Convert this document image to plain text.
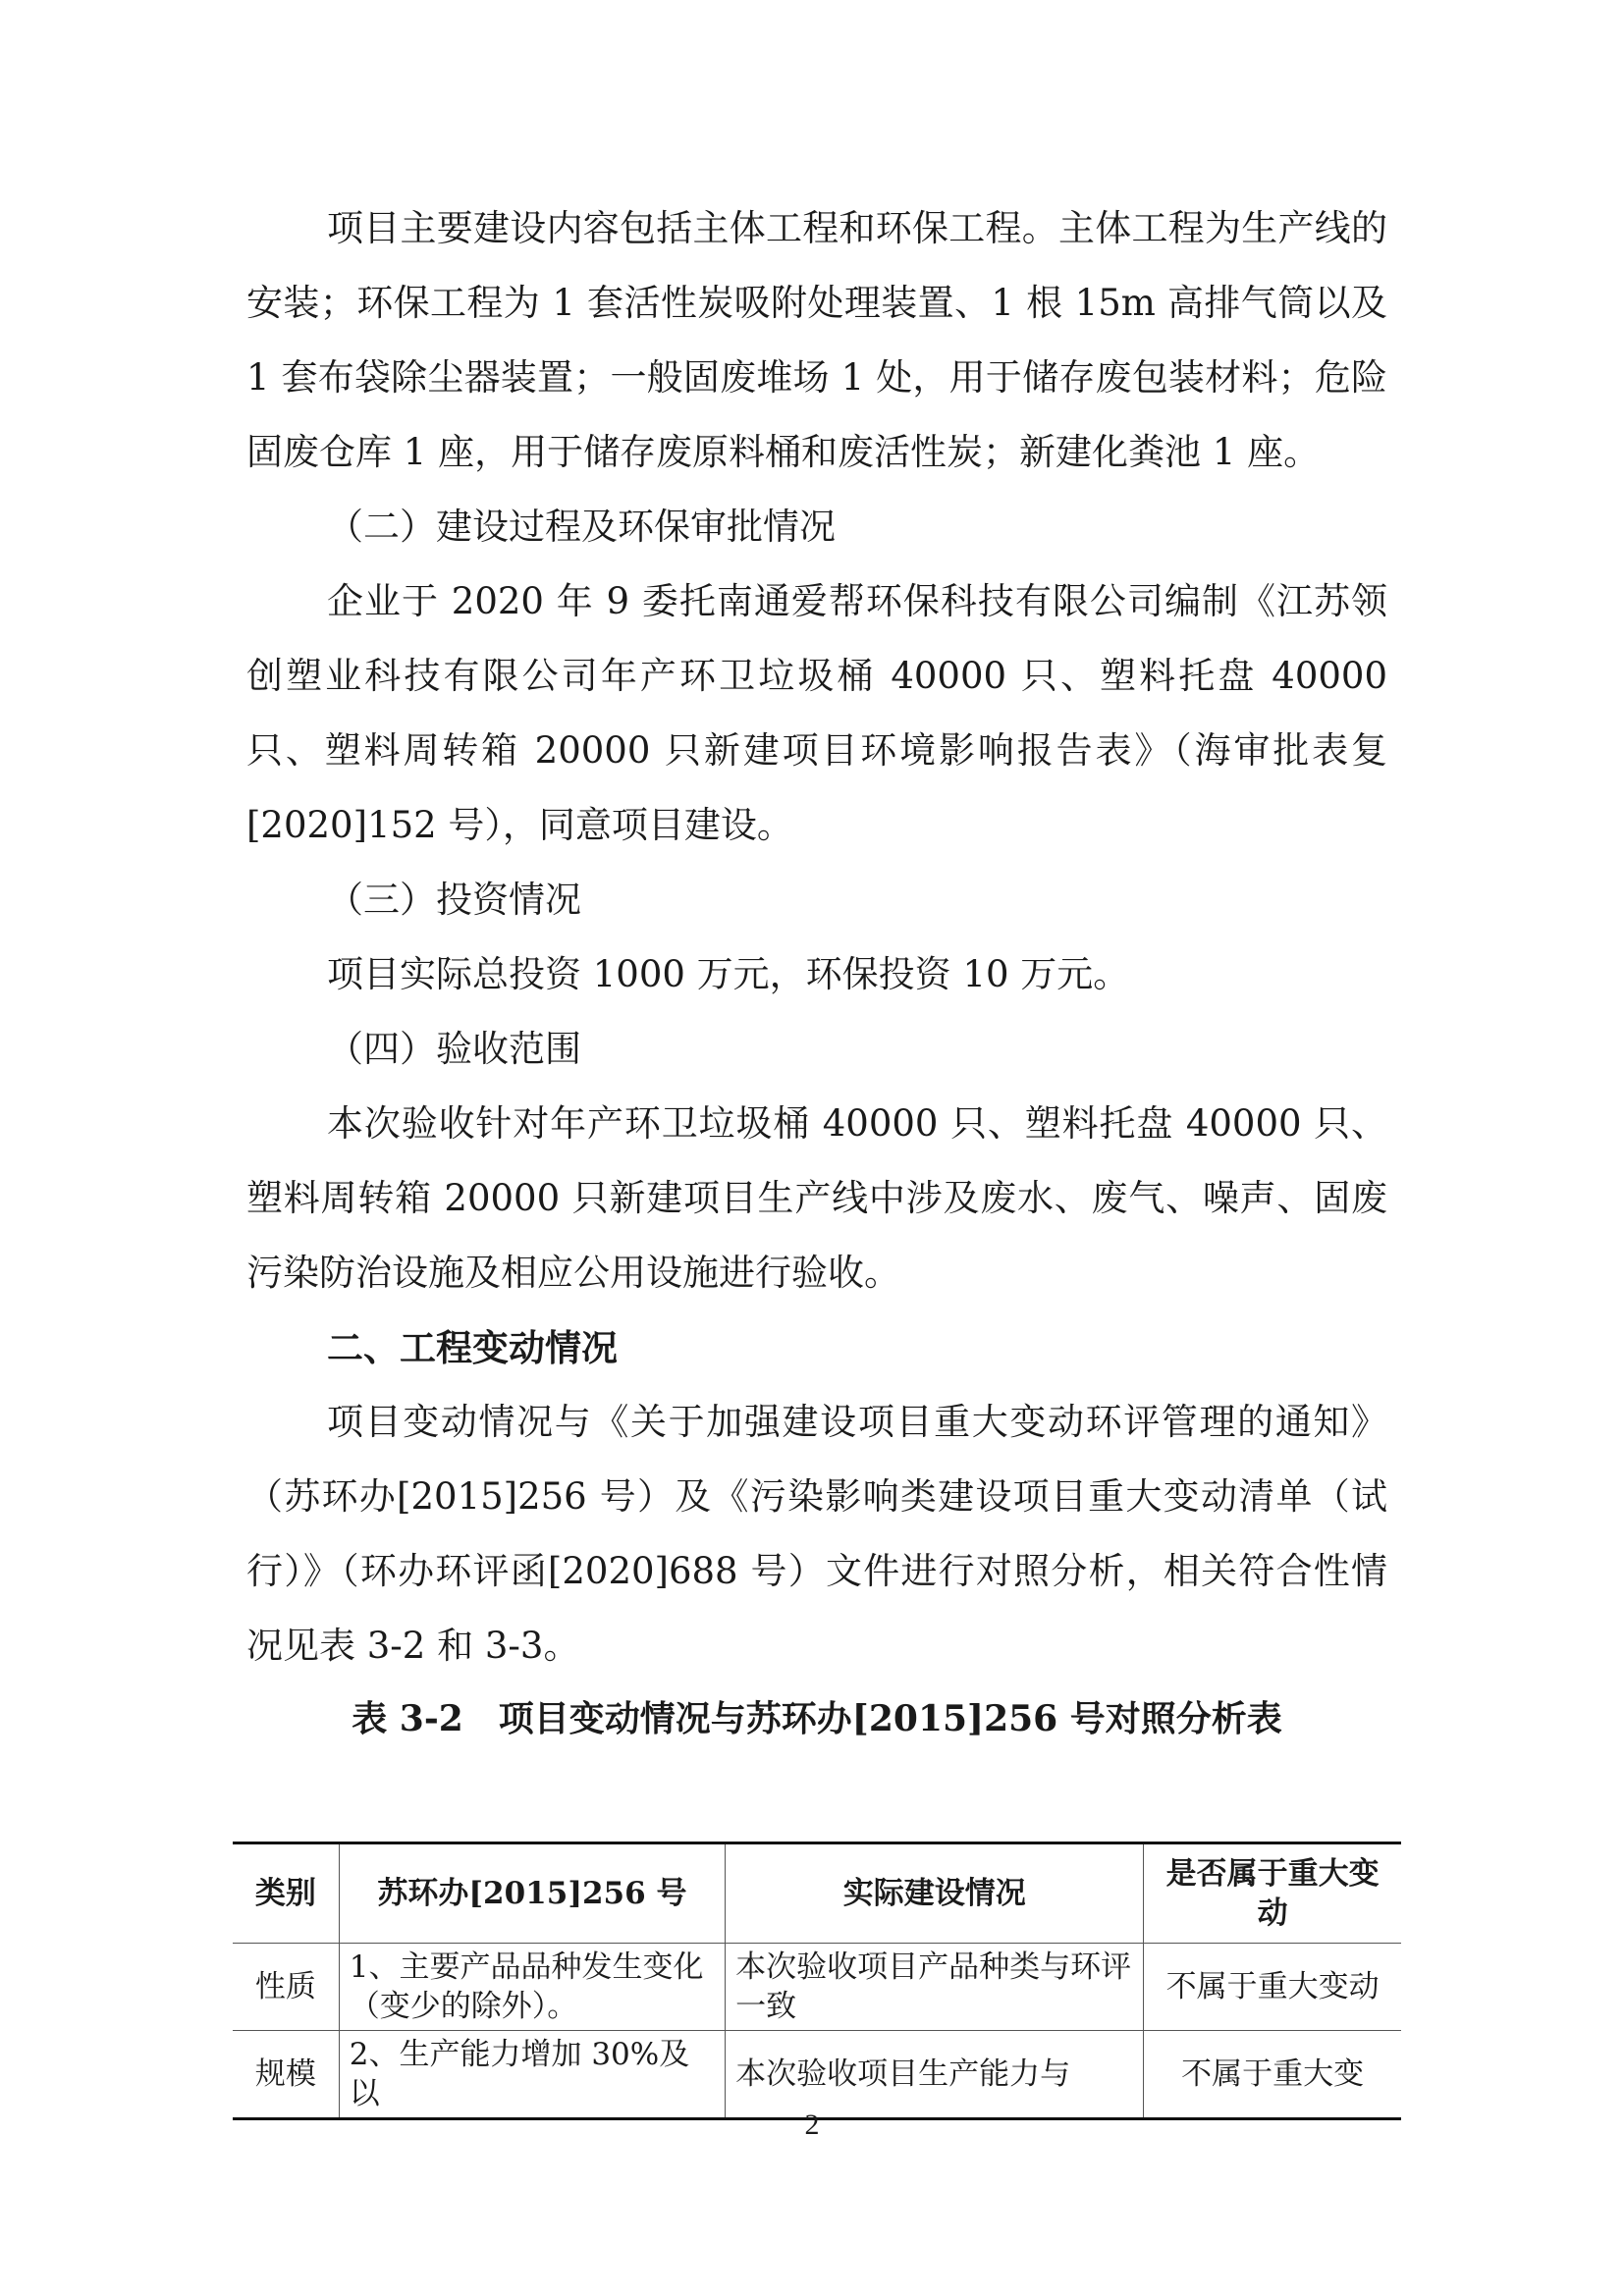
项目主要建设内容包括主体工程和环保工程。主体工程为生产线的安装；环保工程为 1 套活性炭吸附处理装置、1 根 15m 高排气筒以及 1 套布袋除尘器装置；一般固废堆场 1 处，用于储存废包装材料；危险固废仓库 1 座，用于储存废原料桶和废活性炭；新建化粪池 1 座。

（二）建设过程及环保审批情况

企业于 2020 年 9 委托南通爱帮环保科技有限公司编制《江苏领创塑业科技有限公司年产环卫垃圾桶 40000 只、塑料托盘 40000 只、塑料周转箱 20000 只新建项目环境影响报告表》（海审批表复[2020]152 号），同意项目建设。

（三）投资情况

项目实际总投资 1000 万元，环保投资 10 万元。

（四）验收范围

本次验收针对年产环卫垃圾桶 40000 只、塑料托盘 40000 只、塑料周转箱 20000 只新建项目生产线中涉及废水、废气、噪声、固废污染防治设施及相应公用设施进行验收。

二、工程变动情况

项目变动情况与《关于加强建设项目重大变动环评管理的通知》（苏环办[2015]256 号）及《污染影响类建设项目重大变动清单（试行）》（环办环评函[2020]688 号）文件进行对照分析，相关符合性情况见表 3-2 和 3-3。

表 3-2　项目变动情况与苏环办[2015]256 号对照分析表

类别	苏环办[2015]256 号	实际建设情况	是否属于重大变动
性质	1、主要产品品种发生变化（变少的除外）。	本次验收项目产品种类与环评一致	不属于重大变动
规模	2、生产能力增加 30%及以	本次验收项目生产能力与	不属于重大变
2
